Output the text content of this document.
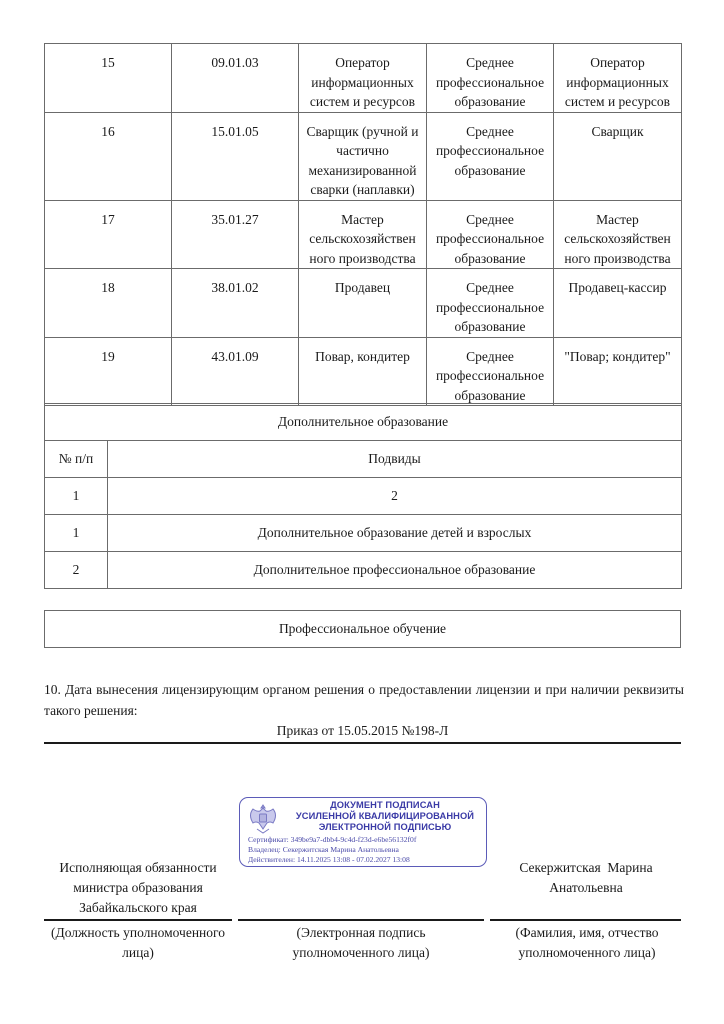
15	09.01.03	Оператор информационных систем и ресурсов	Среднее профессиональное образование	Оператор информационных систем и ресурсов
16	15.01.05	Сварщик (ручной и частично механизированной сварки (наплавки)	Среднее профессиональное образование	Сварщик
17	35.01.27	Мастер сельскохозяйствен ного производства	Среднее профессиональное образование	Мастер сельскохозяйствен ного производства
18	38.01.02	Продавец	Среднее профессиональное образование	Продавец-кассир
19	43.01.09	Повар, кондитер	Среднее профессиональное образование	"Повар; кондитер"
Дополнительное образование	
№ п/п	Подвиды
1	2
1	Дополнительное образование детей и взрослых
2	Дополнительное профессиональное образование
Профессиональное обучение
10. Дата вынесения лицензирующим органом решения о предоставлении лицензии и при наличии реквизиты такого решения:
Приказ от 15.05.2015 №198-Л
ДОКУМЕНТ ПОДПИСАН
УСИЛЕННОЙ КВАЛИФИЦИРОВАННОЙ
ЭЛЕКТРОННОЙ ПОДПИСЬЮ
Сертификат: 349be9a7-dbb4-9c4d-f23d-e6be56132f0f
Владелец: Секержитская Марина Анатольевна
Действителен: 14.11.2025 13:08 - 07.02.2027 13:08
Исполняющая обязанности министра образования Забайкальского края
Секержитская  Марина Анатольевна
(Должность уполномоченного лица)
(Электронная подпись уполномоченного лица)
(Фамилия, имя, отчество уполномоченного лица)
